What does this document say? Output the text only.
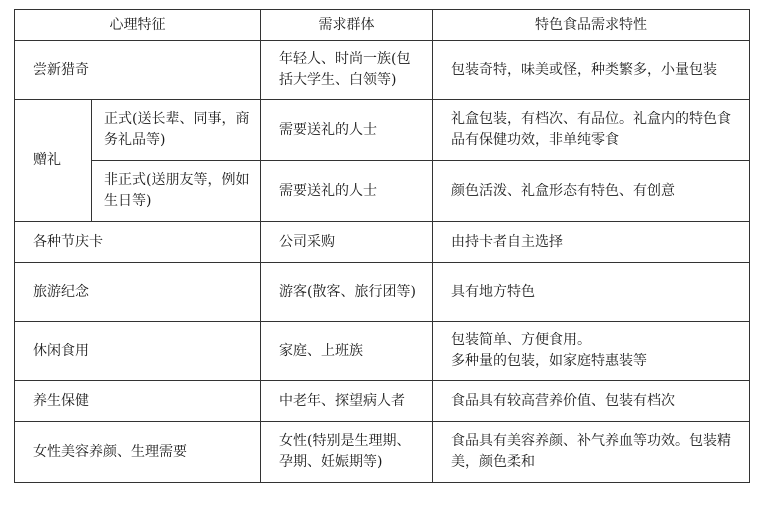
心理特征		需求群体	特色食品需求特性
尝新猎奇		年轻人、时尚一族(包括大学生、白领等)	包装奇特，味美或怪，种类繁多，小量包装
赠礼	正式(送长辈、同事，商务礼品等)	需要送礼的人士	礼盒包装，有档次、有品位。礼盒内的特色食品有保健功效，非单纯零食
	非正式(送朋友等，例如生日等)	需要送礼的人士	颜色活泼、礼盒形态有特色、有创意
各种节庆卡		公司采购	由持卡者自主选择
旅游纪念		游客(散客、旅行团等)	具有地方特色
休闲食用		家庭、上班族	包装简单、方便食用。
多种量的包装，如家庭特惠装等

养生保健		中老年、探望病人者	食品具有较高营养价值、包装有档次
女性美容养颜、生理需要		女性(特别是生理期、孕期、妊娠期等)	食品具有美容养颜、补气养血等功效。包装精美，颜色柔和
